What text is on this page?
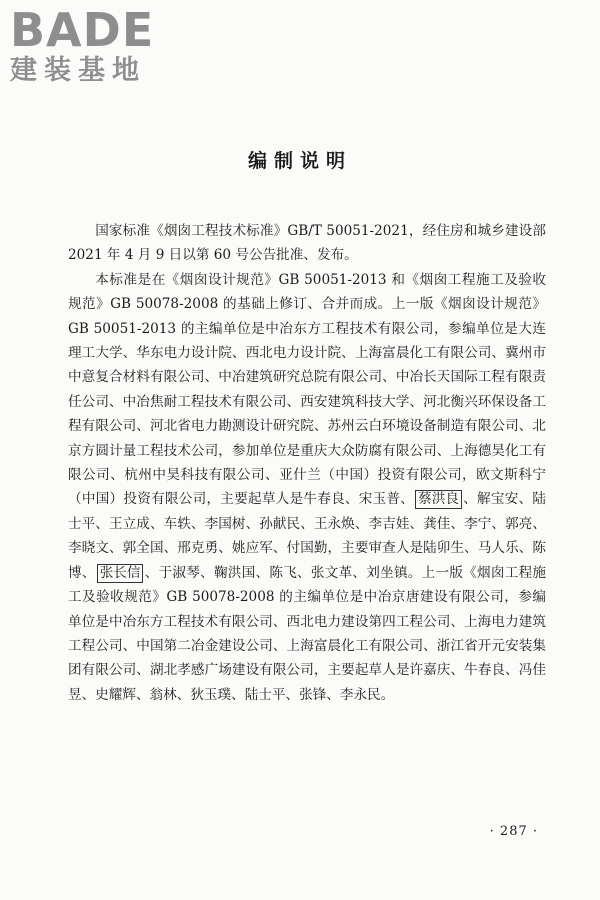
BADE
建装基地
编制说明

国家标准《烟囱工程技术标准》GB/T 50051-2021，经住房和城乡建设部 2021 年 4 月 9 日以第 60 号公告批准、发布。

本标准是在《烟囱设计规范》GB 50051-2013 和《烟囱工程施工及验收规范》GB 50078-2008 的基础上修订、合并而成。上一版《烟囱设计规范》GB 50051-2013 的主编单位是中冶东方工程技术有限公司，参编单位是大连理工大学、华东电力设计院、西北电力设计院、上海富晨化工有限公司、冀州市中意复合材料有限公司、中冶建筑研究总院有限公司、中冶长天国际工程有限责任公司、中冶焦耐工程技术有限公司、西安建筑科技大学、河北衡兴环保设备工程有限公司、河北省电力勘测设计研究院、苏州云白环境设备制造有限公司、北京方圆计量工程技术公司，参加单位是重庆大众防腐有限公司、上海德昊化工有限公司、杭州中昊科技有限公司、亚什兰（中国）投资有限公司，欧文斯科宁（中国）投资有限公司，主要起草人是牛春良、宋玉普、 蔡洪良 、解宝安、陆士平、王立成、车轶、李国树、孙献民、王永焕、李吉娃、龚佳、李宁、郭亮、李晓文、郭全国、邢克勇、姚应军、付国勤，主要审查人是陆卯生、马人乐、陈博、 张长信 、于淑琴、鞠洪国、陈飞、张文革、刘坐镇。上一版《烟囱工程施工及验收规范》GB 50078-2008 的主编单位是中冶京唐建设有限公司，参编单位是中冶东方工程技术有限公司、西北电力建设第四工程公司、上海电力建筑工程公司、中国第二冶金建设公司、上海富晨化工有限公司、浙江省开元安装集团有限公司、湖北孝感广场建设有限公司，主要起草人是许嘉庆、牛春良、冯佳昱、史耀辉、翁林、狄玉璞、陆士平、张锋、李永民。

· 287 ·
